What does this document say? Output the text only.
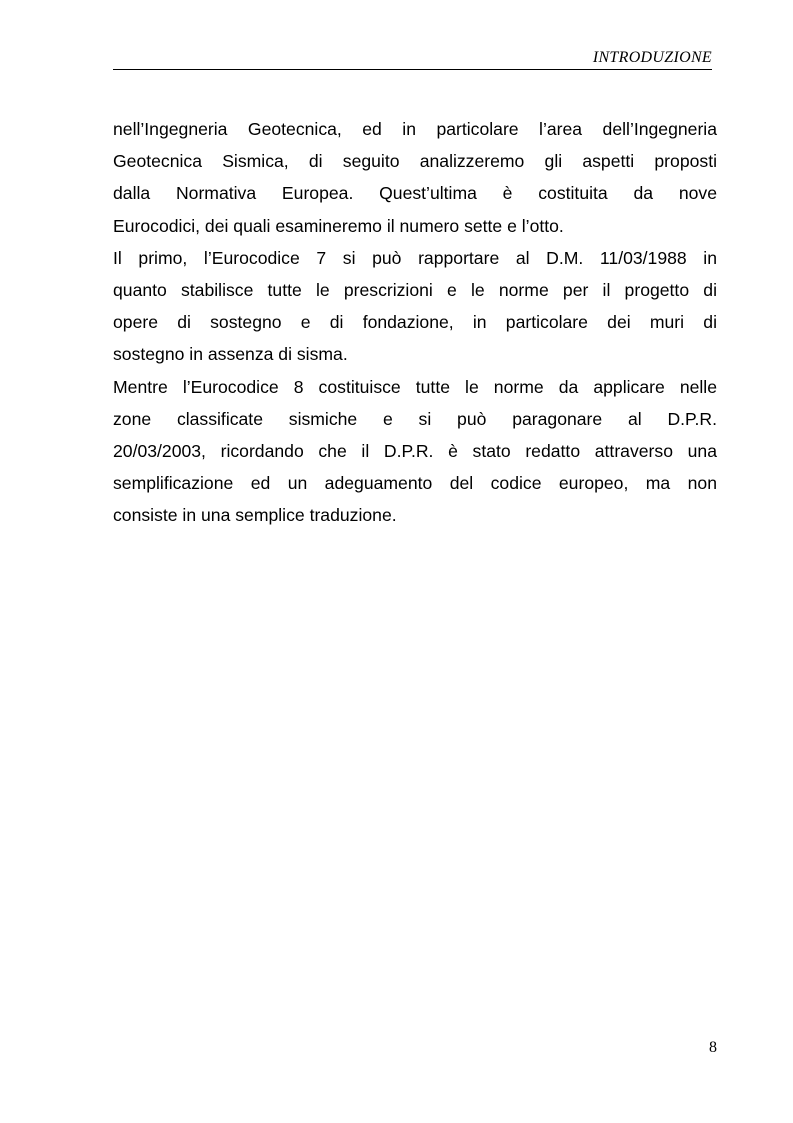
INTRODUZIONE

nell’Ingegneria Geotecnica, ed in particolare l’area dell’Ingegneria
Geotecnica Sismica, di seguito analizzeremo gli aspetti proposti
dalla Normativa Europea. Quest’ultima è costituita da nove
Eurocodici, dei quali esamineremo il numero sette e l’otto.

Il primo, l’Eurocodice 7 si può rapportare al D.M. 11/03/1988 in
quanto stabilisce tutte le prescrizioni e le norme per il progetto di
opere di sostegno e di fondazione, in particolare dei muri di
sostegno in assenza di sisma.

Mentre l’Eurocodice 8 costituisce tutte le norme da applicare nelle
zone classificate sismiche e si può paragonare al D.P.R.
20/03/2003, ricordando che il D.P.R. è stato redatto attraverso una
semplificazione ed un adeguamento del codice europeo, ma non
consiste in una semplice traduzione.

8
